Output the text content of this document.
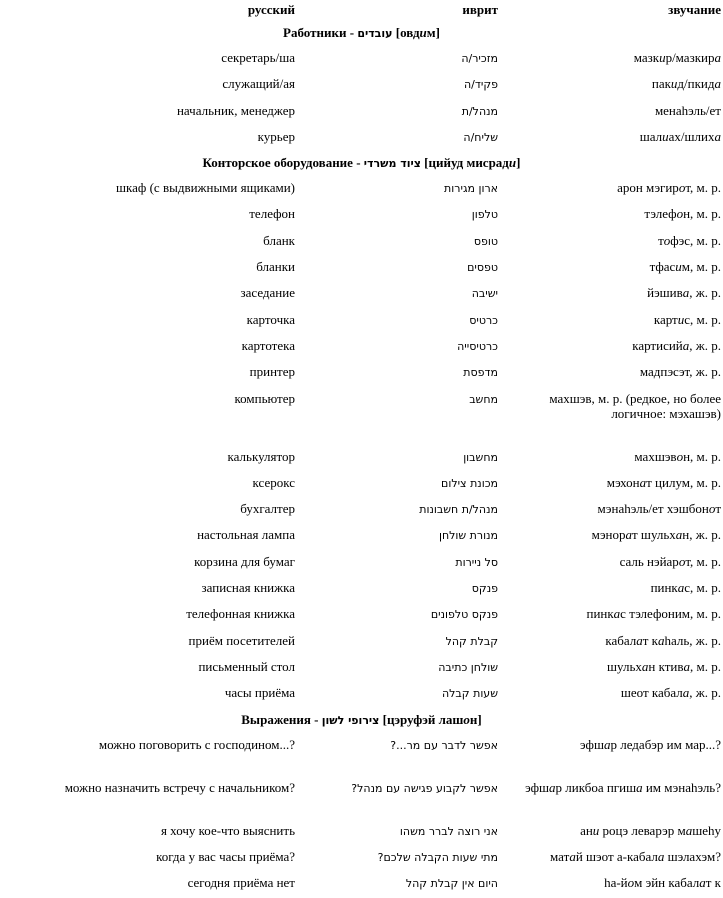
русский	иврит	звучание
Работники - עובדים [овдим]		
секретарь/ша	מזכיר/ה	мазкир/мазкира
служащий/ая	פקיד/ה	пакид/пкида
начальник, менеджер	מנהל/ת	менаhэль/ет
курьер	שליח/ה	шалиах/шлиха
Конторское оборудование - ציוד משרדי [цийуд мисради]		
шкаф (с выдвижными ящиками)	ארון מגירות	арон мэгирот, м. р.
телефон	טלפון	тэлефон, м. р.
бланк	טופס	тофэс, м. р.
бланки	טפסים	тфасим, м. р.
заседание	ישיבה	йэшива, ж. р.
карточка	כרטיס	картис, м. р.
картотека	כרטיסייה	картисийа, ж. р.
принтер	מדפסת	мадпэсэт, ж. р.
компьютер	מחשב	махшэв, м. р. (редкое, но более логичное: мэхашэв)
калькулятор	מחשבון	махшэвон, м. р.
ксерокс	מכונת צילום	мэхонат цилум, м. р.
бухгалтер	מנהל/ת חשבונות	мэнаhэль/ет хэшбонот
настольная лампа	מנורת שולחן	мэнорат шульхан, ж. р.
корзина для бумаг	סל ניירות	саль нэйарот, м. р.
записная книжка	פנקס	пинкас, м. р.
телефонная книжка	פנקס טלפונים	пинкас тэлефоним, м. р.
приём посетителей	קבלת קהל	кабалат каhаль, ж. р.
письменный стол	שולחן כתיבה	шульхан ктива, м. р.
часы приёма	שעות קבלה	шеот кабала, ж. р.
Выражения - צירופי לשון [цэруфэй лашон]		
можно поговорить с господином...?	אפשר לדבר עם מר...?	эфшар ледабэр им мар...?
можно назначить встречу с начальником?	אפשר לקבוע פגישה עם מנהל?	эфшар ликбоа пгиша им мэнаhэль?
я хочу кое-что выяснить	אני רוצה לברר משהו	ани роцэ леварэр машеhу
когда у вас часы приёма?	מתי שעות הקבלה שלכם?	матай шэот а-кабала шэлахэм?
сегодня приёма нет	היום אין קבלת קהל	hа-йом эйн кабалат к
